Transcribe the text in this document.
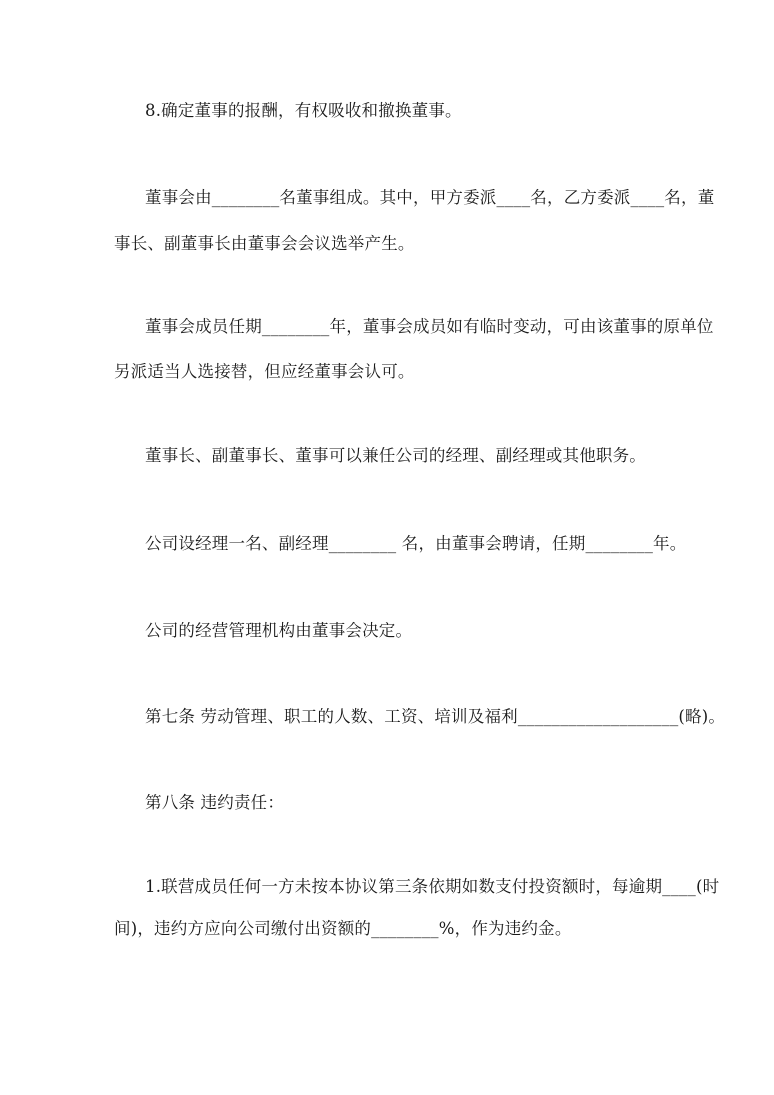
8.确定董事的报酬，有权吸收和撤换董事。
董事会由________名董事组成。其中，甲方委派____名，乙方委派____名，董
事长、副董事长由董事会会议选举产生。
董事会成员任期________年，董事会成员如有临时变动，可由该董事的原单位
另派适当人选接替，但应经董事会认可。
董事长、副董事长、董事可以兼任公司的经理、副经理或其他职务。
公司设经理一名、副经理________ 名，由董事会聘请，任期________年。
公司的经营管理机构由董事会决定。
第七条 劳动管理、职工的人数、工资、培训及福利___________________(略)。
第八条 违约责任：
1.联营成员任何一方未按本协议第三条依期如数支付投资额时，每逾期____(时
间)，违约方应向公司缴付出资额的________%，作为违约金。
